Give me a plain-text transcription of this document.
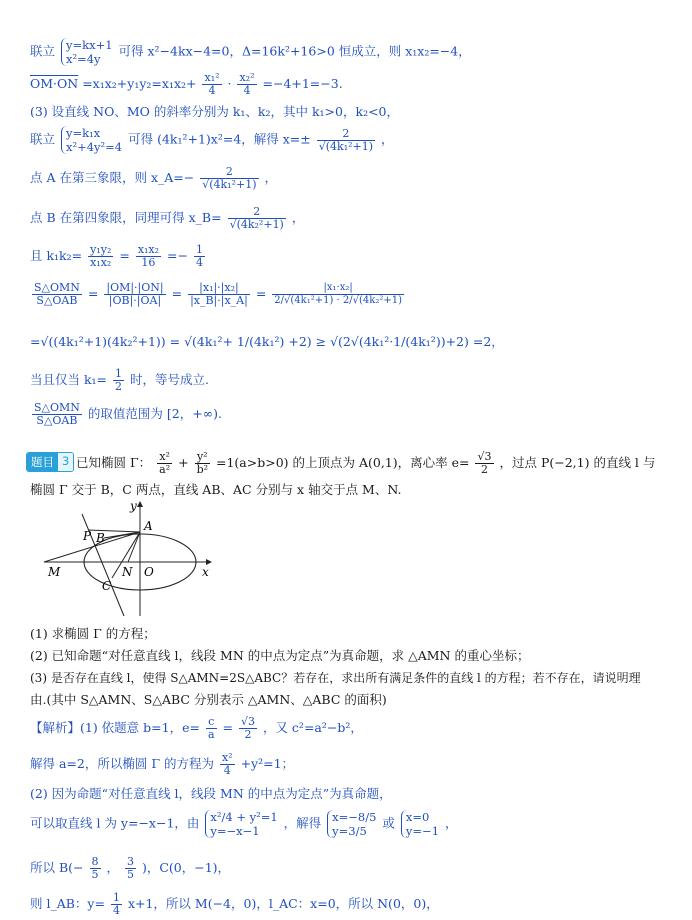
联立 y=kx+1
x²=4y
可得 x²−4kx−4=0，Δ=16k²+16>0 恒成立，则 x₁x₂=−4，
$OM\cdot ON =x_1x_2+y_1y_2=x_1x_2+ \frac{\text{x₁²}}{4} \cdot \frac{\text{x₂²}}{4} =-4+1=-3$.
(3) 设直线 NO、MO 的斜率分别为 k₁、k₂，其中 k₁>0，k₂<0，
联立 y=k₁x
x²+4y²=4
可得 (4k₁²+1)x²=4，解得 $x=\pm \frac{2}{\text{√(4k₁²+1)}}$ ，
点 A 在第三象限，则 x_A=− $\frac{2}{\text{√(4k₁²+1)}}$ ，
点 B 在第四象限，同理可得 x_B= $\frac{2}{\text{√(4k₂²+1)}}$ ，
且 $k_1k_2= \frac{\text{y₁y₂}}{\text{x₁x₂}} = \frac{\text{x₁x₂}}{16} =- \frac{1}{4}$
$\frac{\text{S△OMN}}{\text{S△OAB}} = \frac{|OM|\cdot|ON|}{|OB|\cdot|OA|} = \frac{\text{|x₁|·|x₂|}}{|x\_B|\cdot|x\_A|} = \frac{\text{|x₁·x₂|}}{\text{2/√(4k₁²+1) · 2/√(4k₂²+1)}}$
=√((4k₁²+1)(4k₂²+1)) = √(4k₁²+ 1/(4k₁²) +2) ≥ √(2√(4k₁²·1/(4k₁²))+2) =2，
当且仅当 $k_1= \frac{1}{2}$ 时，等号成立.
$\frac{\text{S△OMN}}{\text{S△OAB}}$ 的取值范围为 [2，+∞).
题目 3 已知椭圆 Γ： $\frac{\text{x²}}{\text{a²}} + \frac{\text{y²}}{\text{b²}} =1(a>b>0)$ 的上顶点为 A(0,1)，离心率 $e= \frac{√3}{2}$ ，过点 P(−2,1) 的直线 l 与
椭圆 Γ 交于 B，C 两点，直线 AB、AC 分别与 x 轴交于点 M、N.
y
A
P B
M	N O
C
x
(1) 求椭圆 Γ 的方程；
(2) 已知命题“对任意直线 l，线段 MN 的中点为定点”为真命题，求 △AMN 的重心坐标；
(3) 是否存在直线 l，使得 S△AMN=2S△ABC？若存在，求出所有满足条件的直线 l 的方程；若不存在，请说明理
由.(其中 S△AMN、S△ABC 分别表示 △AMN、△ABC 的面积)
【解析】(1) 依题意 b=1，$e= \frac{c}{a} = \frac{√3}{2}$ ，又 c²=a²−b²，
解得 a=2，所以椭圆 Γ 的方程为 $\frac{\text{x²}}{4} +y^2=1$；
(2) 因为命题“对任意直线 l，线段 MN 的中点为定点”为真命题，
可以取直线 l 为 y=−x−1，由 x²/4 + y²=1
y=−x−1
，解得 x=−8/5
y=3/5
或 x=0
y=−1
，
所以 $B(- \frac{8}{5}$ ， $\frac{3}{5}$ )，C(0，−1)，
则 l_AB：$y= \frac{1}{4} x+1$，所以 M(−4，0)，l_AC：x=0，所以 N(0，0)，
